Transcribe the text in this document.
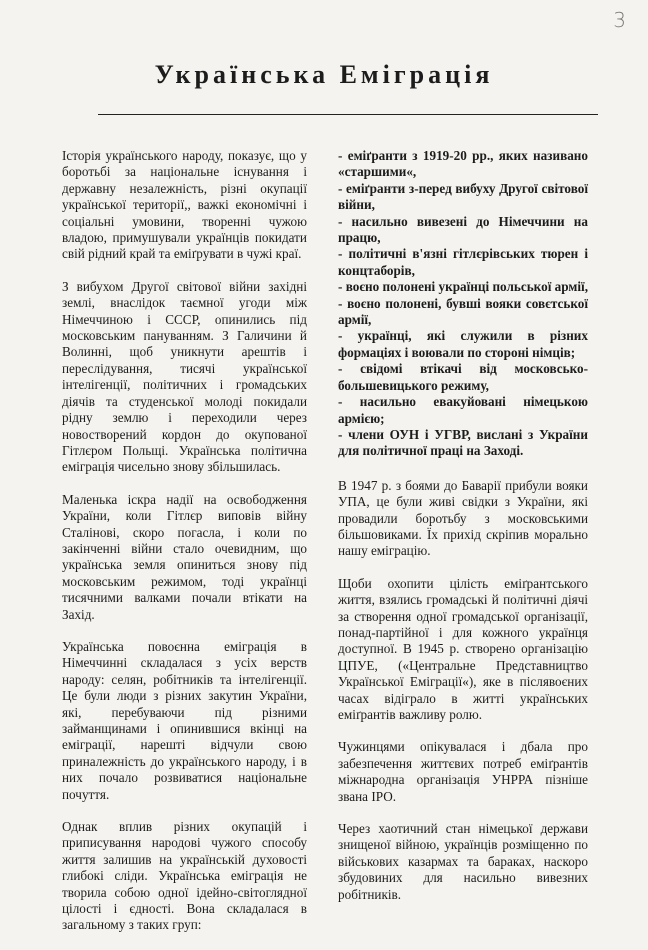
3
Українська Еміграція

Історія українського народу, показує, що у боротьбі за національне існування і державну незалежність, різні окупації української території,, важкі економічні і соціальні умовини, творенні чужою владою, примушували українців покидати свій рідний край та еміґрувати в чужі краї.

З вибухом Другої світової війни західні землі, внаслідок таємної угоди між Німеччиною і СССР, опинились під московським пануванням. З Галичини й Волинні, щоб уникнути арештів і переслідування, тисячі української інтелігенції, політичних і громадських діячів та студенської молоді покидали рідну землю і переходили через новостворений кордон до окупованої Гітлєром Польщі. Українська політична еміграція чисельно знову збільшилась.

Маленька іскра надії на освободження України, коли Гітлєр виповів війну Сталінові, скоро погасла, і коли по закінченні війни стало очевидним, що українська земля опиниться знову під московським режимом, тоді українці тисячними валками почали втікати на Захід.

Українська повоєнна еміграція в Німеччинні складалася з усіх верств народу: селян, робітників та інтелігенції. Це були люди з різних закутин України, які, перебуваючи під різними займанщинами і опинившися вкінці на еміграції, нарешті відчули свою приналежність до українського народу, і в них почало розвиватися національне почуття.

Однак вплив різних окупацій і приписування народові чужого способу життя залишив на українській духовості глибокі сліди. Українська еміграція не творила собою одної ідейно-світоглядної цілості і єдності. Вона складалася в загальному з таких груп:

- еміґранти з 1919-20 рр., яких називано «старшими«,
- еміґранти з-перед вибуху Другої світової війни,
- насильно вивезені до Німеччини на працю,
- політичні в'язні гітлєрівських тюрен і концтаборів,
- воєно полонені українці польської армії,
- воєно полонені, бувші вояки совєтської армії,
- українці, які служили в різних формаціях і воювали по стороні німців;
- свідомі втікачі від московсько-большевицького режиму,
- насильно евакуйовані німецькою армією;
- члени ОУН і УГВР, вислані з України для політичної праці на Заході.

В 1947 р. з боями до Баварії прибули вояки УПА, це були живі свідки з України, які провадили боротьбу з московськими більшовиками. Їх прихід скріпив морально нашу еміграцію.

Щоби охопити цілість еміґрантського життя, взялись громадські й політичні діячі за створення одної громадської організації, понад-партійної і для кожного українця доступної. В 1945 р. створено організацію ЦПУЕ, («Центральне Представництво Української Еміграції«), яке в післявоєних часах відіграло в житті українських еміґрантів важливу ролю.

Чужинцями опікувалася і дбала про забезпечення життєвих потреб еміґрантів міжнародна організація УНРРА пізніше звана ІРО.

Через хаотичний стан німецької держави знищеної війною, українців розміщенно по військових казармах та бараках, наскоро збудовиних для насильно вивезних робітників.
